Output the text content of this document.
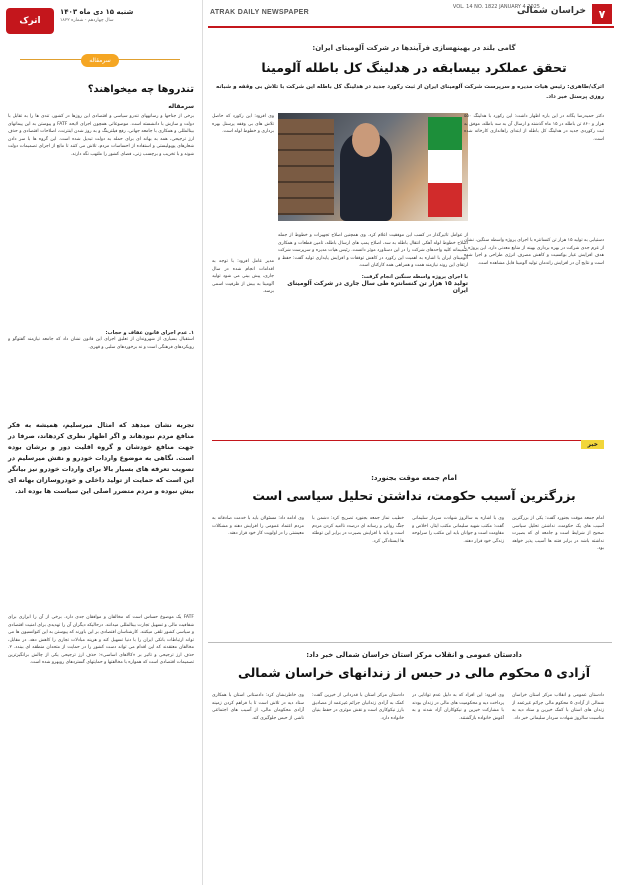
۷
خراسان شمالی
VOL. 14 NO. 1822 JANUARY 4 2025
ATRAK DAILY NEWSPAPER
اترک
شنبه ۱۵ دی ماه ۱۴۰۳
سال چهاردهم - شماره ۱۸۲۲
سرمقاله
تندروها چه میخواهند؟
سرمقاله
برخی از جناحها و رسانههای تندرو سیاسی و اقتصادی این روزها در کشور، تندی ها را به تقابل با دولت و سازش با دانشسته است. موضوعاتی همچون اجرای لایحه FATF و پیوستن به این پیمانهای بینالمللی و همکاری با جامعه جهانی، رفع فیلترینگ و به روز شدن اینترنت، اصلاحات اقتصادی و حذف ارز ترجیحی، همه به بهانه ای برای حمله به دولت تبدیل شده است. این گروه ها با سر دادن شعارهای پوپولیستی و استفاده از احساسات مردم، تلاش می کنند تا مانع از اجرای تصمیمات دولت شوند و با تخریب و برچسب زنی، فضای کشور را ملتهب نگه دارند.
۱. عدم اجرای قانون عفاف و حجاب:
استقبال بسیاری از شهروندان از تعلیق اجرای این قانون نشان داد که جامعه نیازمند گفتوگو و رویکردهای فرهنگی است و نه برخوردهای سلبی و قهری.
تجربه نشان میدهد که امثال میرسلیم، همیشه به فکر منافع مردم نبودهاند و اگر اظهار نظری کردهاند، صرفا در جهت منافع خودشان و گروه اقلیت دور و برشان بوده است. نگاهی به موضوع واردات خودرو و نقش میرسلیم در تصویب تعرفه های بسیار بالا برای واردات خودرو نیز بیانگر این است که حمایت از تولید داخلی و خودروسازان بهانه ای بیش نبوده و مردم متضرر اصلی این سیاست ها بوده اند.
FATF یک موضوع حساس است که مخالفان و موافقان جدی دارد. برخی از آن را ابزاری برای شفافیت مالی و تسهیل تجارت بینالمللی میدانند. درحالیکه دیگران آن را تهدیدی برای امنیت اقتصادی و سیاسی کشور تلقی میکنند. کارشناسان اقتصادی بر این باورند که پیوستن به این کنوانسیون ها می تواند ارتباطات بانکی ایران را با دنیا تسهیل کند و هزینه مبادلات تجاری را کاهش دهد. در مقابل، مخالفان معتقدند که این اقدام می تواند دست کشور را در حمایت از متحدان منطقه ای ببندد. ۲. حذف ارز ترجیحی و تاثیر بر «کالاهای اساسی»: حذف ارز ترجیحی یکی از چالش برانگیزترین تصمیمات اقتصادی است که همواره با مخالفتها و حمایتهای گستردهای روبهرو شده است.
گامی بلند در بهینهسازی فرآیندها در شرکت آلومینای ایران:
تحقق عملکرد بیسابقه در هدلینگ کل باطله آلومینا
اترک/طاهری: رئیس هیات مدیره و سرپرست شرکت آلومینای ایران از ثبت رکورد جدید در هدلینگ کل باطله این شرکت با تلاش بی وقفه و شبانه روزی پرسنل خبر داد.
دکتر حمیدرضا یگانه در این باره اظهار داشت: این رکورد با هدلینگ ۵۵۰ هزار و ۸۶۰ تن باطله در ۱۵ ماه گذشته و ارسال آن به سد باطله، موفق به ثبت رکوردی جدید در هدلینگ کل باطله از ابتدای راهاندازی کارخانه شده است.
وی افزود: این رکورد که حاصل تلاش های بی وقفه پرسنل بهره برداری و خطوط لوله است.
از عوامل تاثیرگذار در کسب این موفقیت اعلام کرد. وی همچنین اصلاح تجهیزات و خطوط از جمله اصلاح خطوط لوله آهکی انتقال باطله به سد، اصلاح پمپ های ارسال باطله، تامین قطعات و همکاری صمیمانه کلیه واحدهای شرکت را در این دستاورد موثر دانست. رئیس هیات مدیره و سرپرست شرکت آلومینای ایران با اشاره به اهمیت این رکورد در کاهش توقفات و افزایش پایداری تولید گفت: حفظ و ارتقای این روند نیازمند همت و همراهی همه کارکنان است.
با اجرای پروژه واسطه سنگین انجام گرفت:
تولید ۱۵ هزار تن کنسانتره طی سال جاری در شرکت آلومینای ایران
دستیابی به تولید ۱۵ هزار تن کنسانتره با اجرای پروژه واسطه سنگین، نشان از عزم جدی شرکت در بهره برداری بهینه از منابع معدنی دارد. این پروژه با هدف افزایش عیار بوکسیت و کاهش مصرف انرژی طراحی و اجرا شده است و نتایج آن در افزایش راندمان تولید آلومینا قابل مشاهده است.
مدیر عامل افزود: با توجه به اقدامات انجام شده در سال جاری، پیش بینی می شود تولید آلومینا به بیش از ظرفیت اسمی برسد.
خبر
امام جمعه موقت بجنورد:
بزرگترین آسیب حکومت، نداشتن تحلیل سیاسی است
امام جمعه موقت بجنورد گفت: یکی از بزرگترین آسیب های یک حکومت، نداشتن تحلیل سیاسی صحیح از شرایط است و جامعه ای که بصیرت نداشته باشد در برابر فتنه ها آسیب پذیر خواهد بود.
وی با اشاره به سالروز شهادت سردار سلیمانی گفت: مکتب شهید سلیمانی مکتب ایثار، اخلاص و مقاومت است و جوانان باید این مکتب را سرلوحه زندگی خود قرار دهند.
خطیب نماز جمعه بجنورد تصریح کرد: دشمن با جنگ روانی و رسانه ای درصدد ناامید کردن مردم است و باید با افزایش بصیرت در برابر این توطئه ها ایستادگی کرد.
وی ادامه داد: مسئولان باید با خدمت صادقانه به مردم اعتماد عمومی را افزایش دهند و مشکلات معیشتی را در اولویت کار خود قرار دهند.
دادستان عمومی و انقلاب مرکز استان خراسان شمالی خبر داد:
آزادی ۵ محکوم مالی در حبس از زندانهای خراسان شمالی
دادستان عمومی و انقلاب مرکز استان خراسان شمالی از آزادی ۵ محکوم مالی جرائم غیرعمد از زندان های استان با کمک خیرین و ستاد دیه به مناسبت سالروز شهادت سردار سلیمانی خبر داد.
وی افزود: این افراد که به دلیل عدم توانایی در پرداخت دیه و محکومیت های مالی در زندان بودند با مشارکت خیرین و نیکوکاران آزاد شدند و به آغوش خانواده بازگشتند.
دادستان مرکز استان با قدردانی از خیرین گفت: کمک به آزادی زندانیان جرائم غیرعمد از مصادیق بارز نیکوکاری است و نقش موثری در حفظ بنیان خانواده دارد.
وی خاطرنشان کرد: دادستانی استان با همکاری ستاد دیه در تلاش است تا با فراهم کردن زمینه آزادی محکومان مالی، از آسیب های اجتماعی ناشی از حبس جلوگیری کند.
